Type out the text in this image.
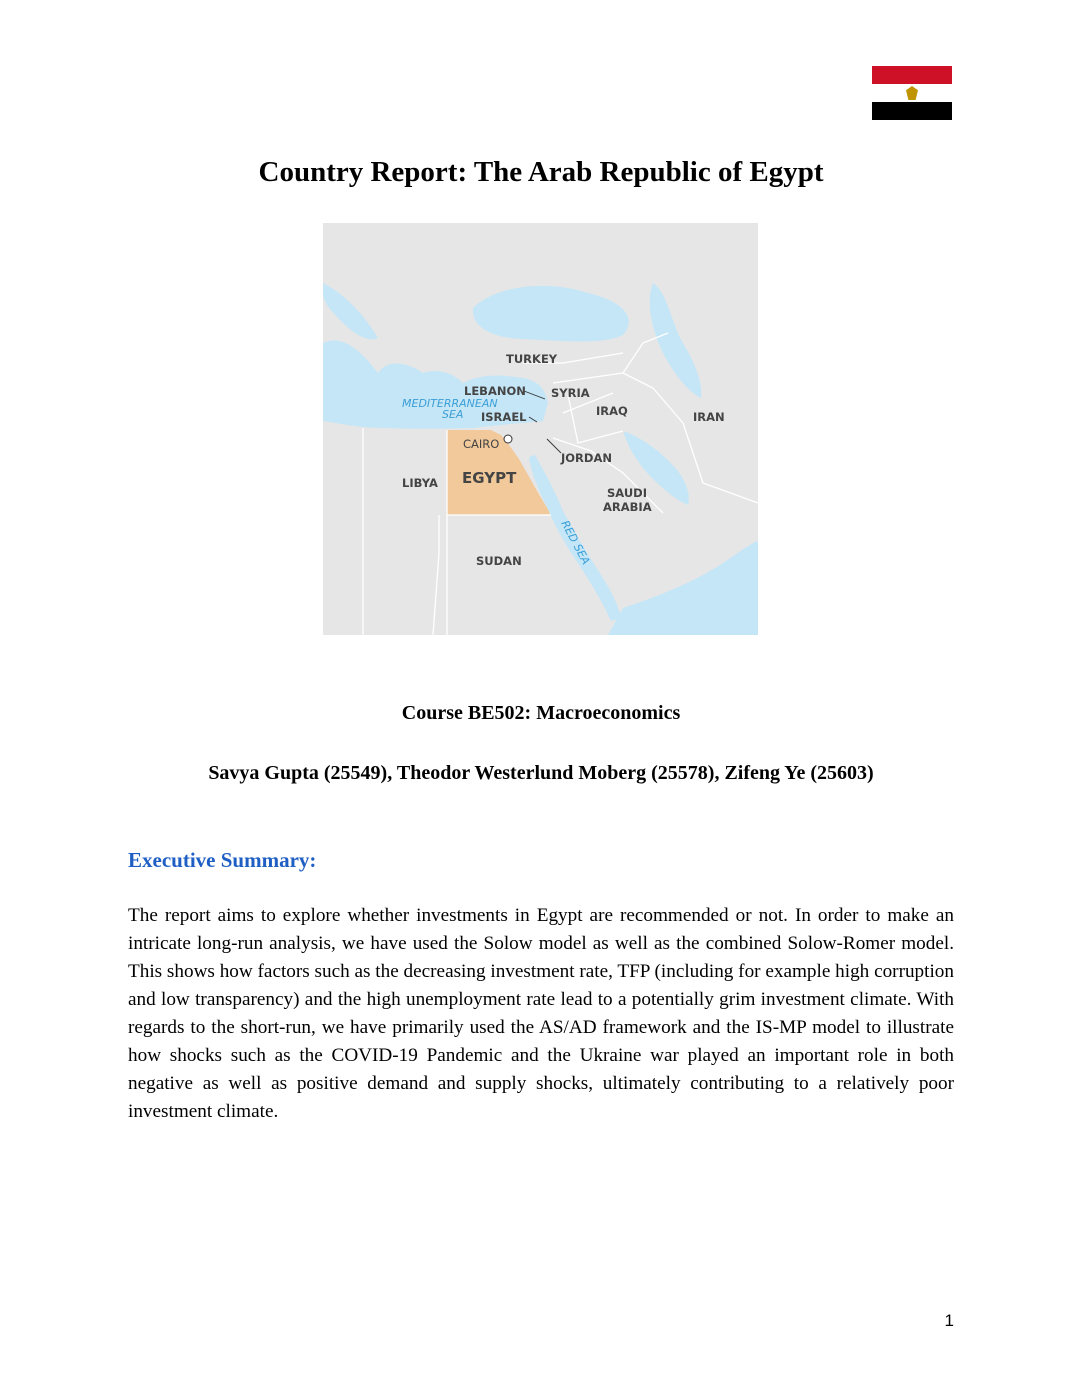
Country Report: The Arab Republic of Egypt
TURKEY
LEBANON SYRIA
MEDITERRANEAN
SEA ISRAEL	IRAQ	IRAN
CAIRO
JORDAN
LIBYA EGYPT
SAUDI
ARABIA
RED SEA
SUDAN
Course BE502: Macroeconomics
Savya Gupta (25549), Theodor Westerlund Moberg (25578), Zifeng Ye (25603)
Executive Summary:
The report aims to explore whether investments in Egypt are recommended or not. In order to make an intricate long-run analysis, we have used the Solow model as well as the combined Solow-Romer model. This shows how factors such as the decreasing investment rate, TFP (including for example high corruption and low transparency) and the high unemployment rate lead to a potentially grim investment climate. With regards to the short-run, we have primarily used the AS/AD framework and the IS-MP model to illustrate how shocks such as the COVID-19 Pandemic and the Ukraine war played an important role in both negative as well as positive demand and supply shocks, ultimately contributing to a relatively poor investment climate.
1
